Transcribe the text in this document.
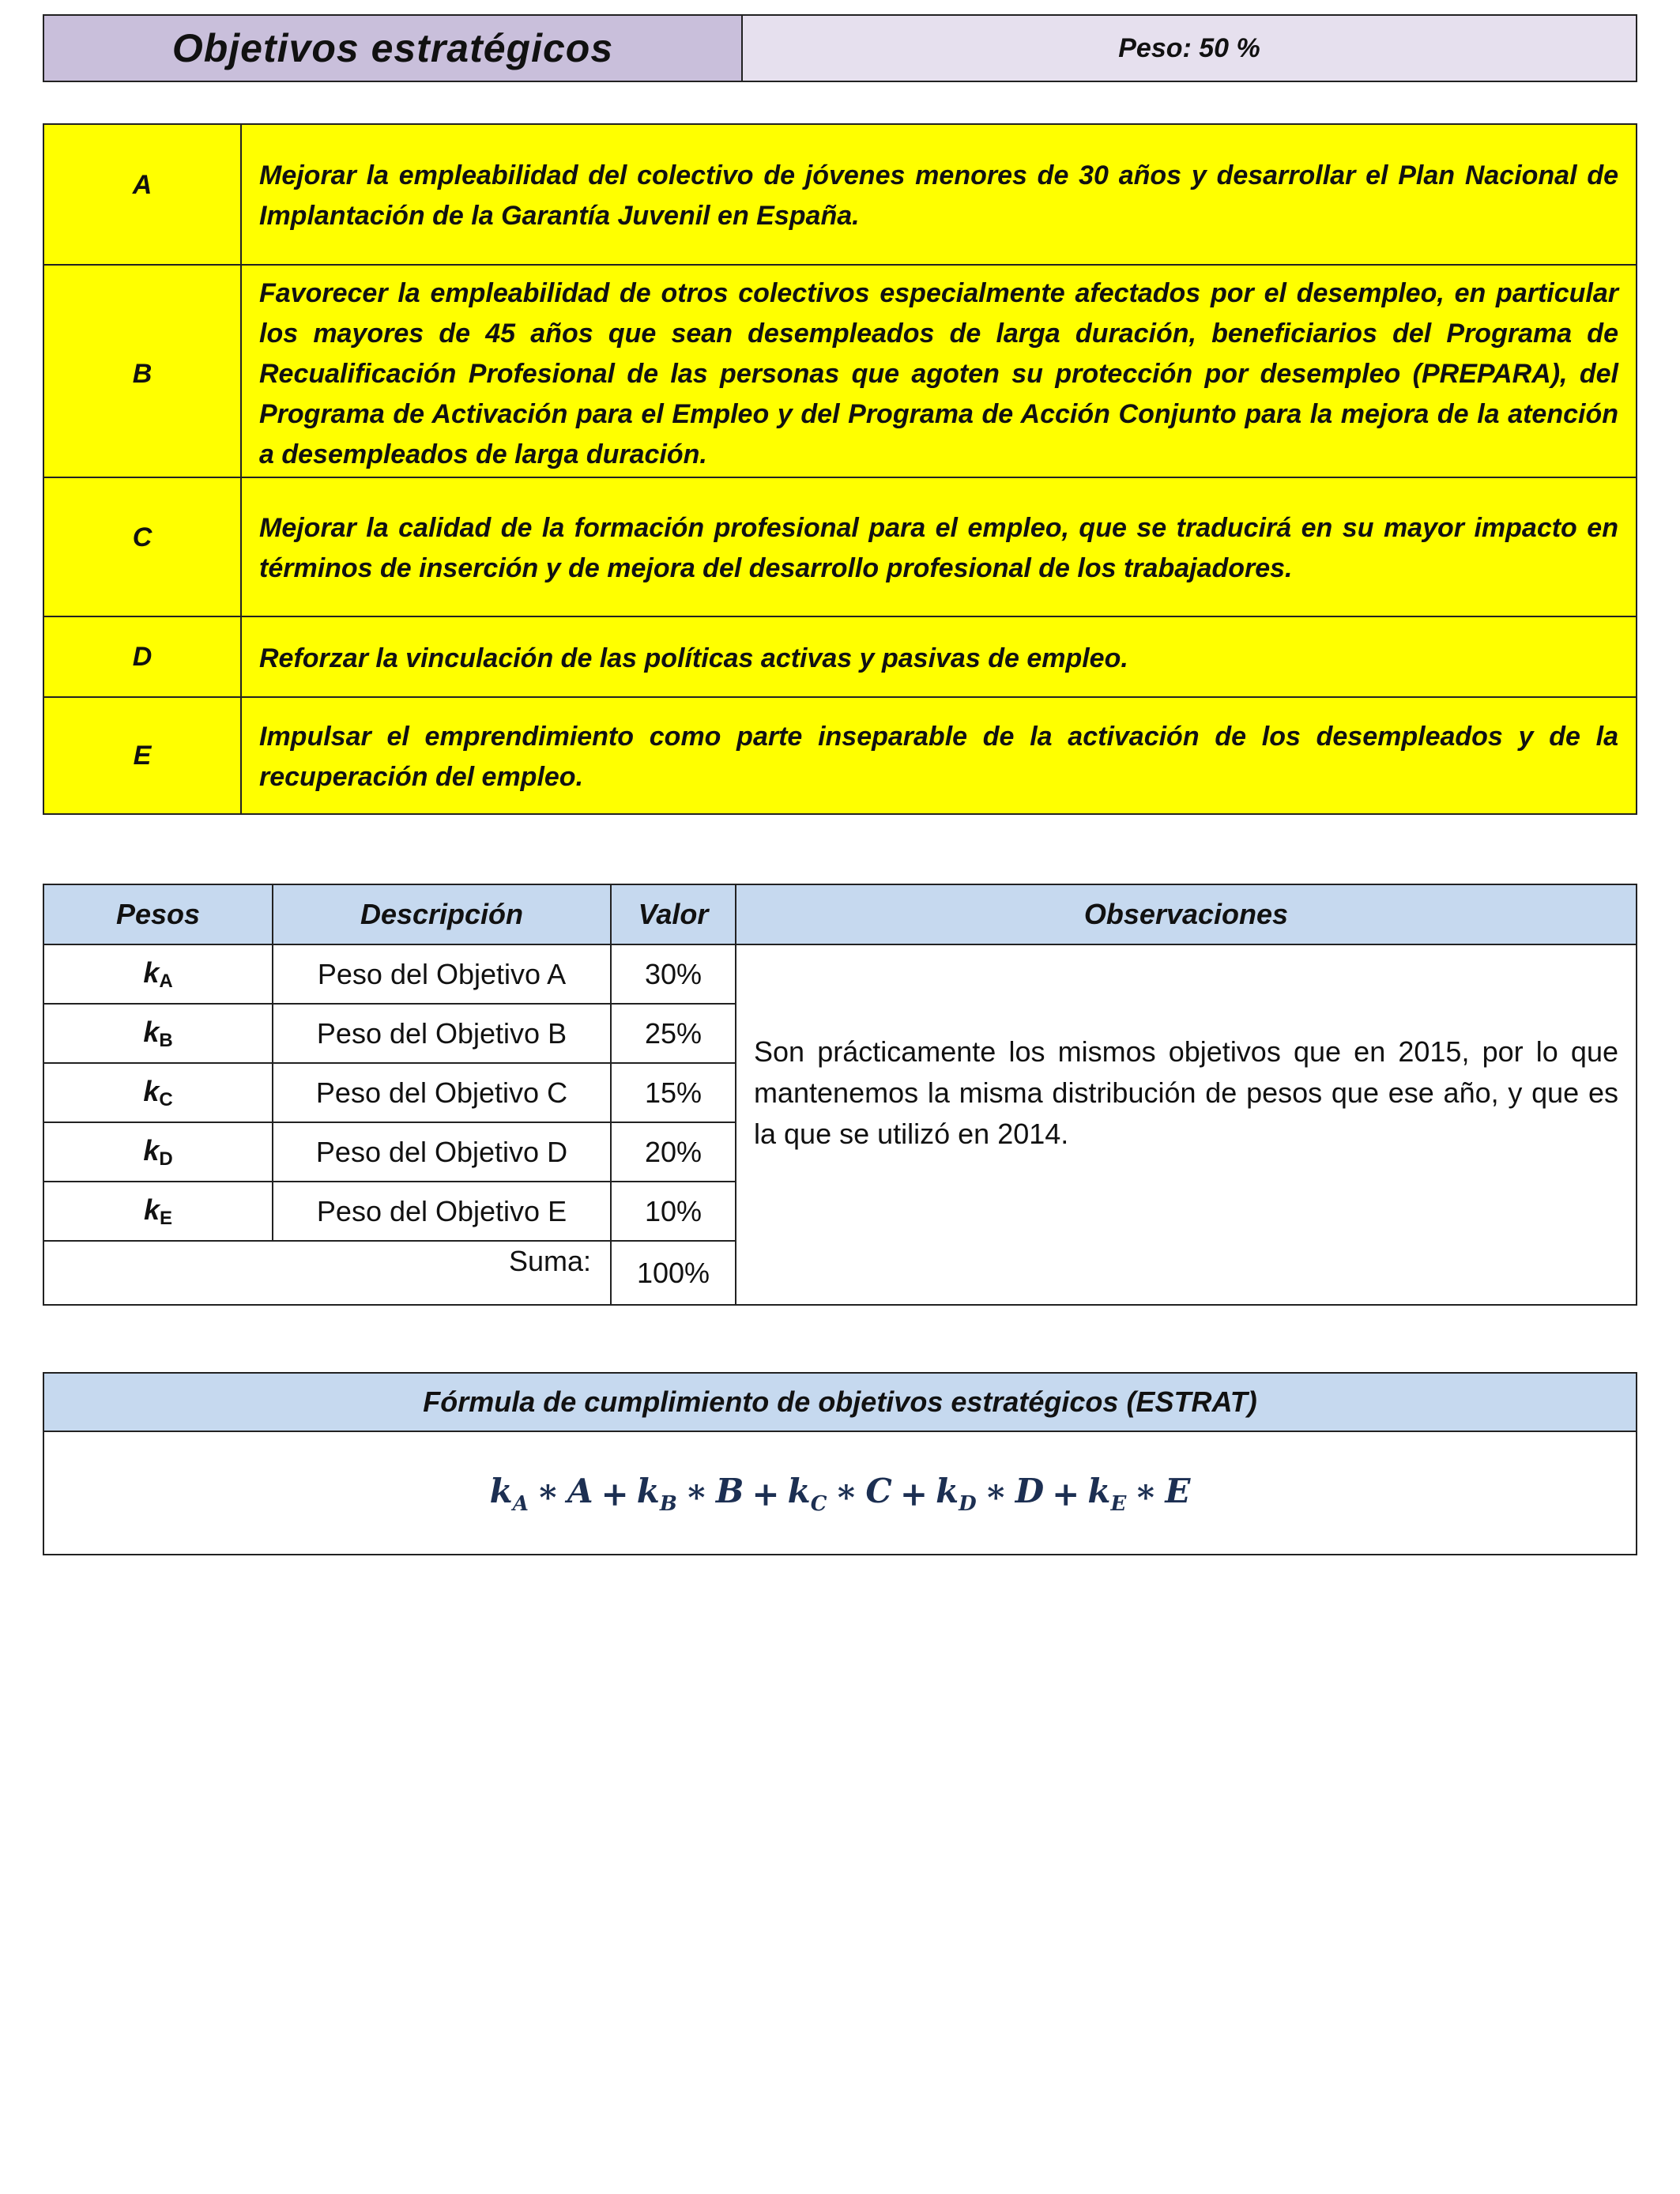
Objetivos estratégicos	Peso: 50 %
A	Mejorar la empleabilidad del colectivo de jóvenes menores de 30 años y desarrollar el Plan Nacional de Implantación de la Garantía Juvenil en España.
B	Favorecer la empleabilidad de otros colectivos especialmente afectados por el desempleo, en particular los mayores de 45 años que sean desempleados de larga duración, beneficiarios del Programa de Recualificación Profesional de las personas que agoten su protección por desempleo (PREPARA), del Programa de Activación para el Empleo y del Programa de Acción Conjunto para la mejora de la atención a desempleados de larga duración.
C	Mejorar la calidad de la formación profesional para el empleo, que se traducirá en su mayor impacto en términos de inserción y de mejora del desarrollo profesional de los trabajadores.
D	Reforzar la vinculación de las políticas activas y pasivas de empleo.
E	Impulsar el emprendimiento como parte inseparable de la activación de los desempleados y de la recuperación del empleo.
Pesos	Descripción	Valor	Observaciones
$k_A$	Peso del Objetivo A	30%	Son prácticamente los mismos objetivos que en 2015, por lo que mantenemos la misma distribución de pesos que ese año, y que es la que se utilizó en 2014.
$k_B$	Peso del Objetivo B	25%	
$k_C$	Peso del Objetivo C	15%	
$k_D$	Peso del Objetivo D	20%	
$k_E$	Peso del Objetivo E	10%	
Suma:		100%	
Fórmula de cumplimiento de objetivos estratégicos (ESTRAT)
$k_A$ ∗ $A + k_B$ ∗ $B + k_C$ ∗ $C + k_D$ ∗ $D + k_E$ ∗ E
